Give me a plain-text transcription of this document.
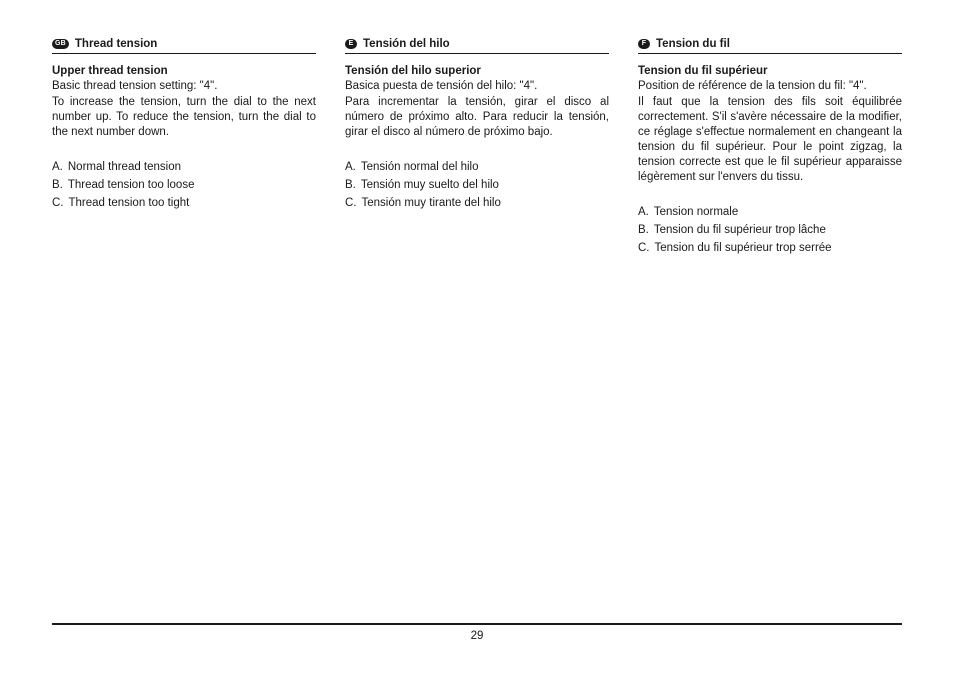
GB Thread tension
Upper thread tension

Basic thread tension setting: "4".

To increase the tension, turn the dial to the next number up. To reduce the tension, turn the dial to the next number down.

A. Normal thread tension
B. Thread tension too loose
C. Thread tension too tight
E Tensión del hilo
Tensión del hilo superior

Basica puesta de tensión del hilo: "4".

Para incrementar la tensión, girar el disco al número de próximo alto. Para reducir la tensión, girar el disco al número de próximo bajo.

A. Tensión normal del hilo
B. Tensión muy suelto del hilo
C. Tensión muy tirante del hilo
F Tension du fil
Tension du fil supérieur

Position de référence de la tension du fil: "4".

Il faut que la tension des fils soit équilibrée correctement. S'il s'avère nécessaire de la modifier, ce réglage s'effectue normalement en changeant la tension du fil supérieur. Pour le point zigzag, la tension correcte est que le fil supérieur apparaisse légèrement sur l'envers du tissu.

A. Tension normale
B. Tension du fil supérieur trop lâche
C. Tension du fil supérieur trop serrée
29
